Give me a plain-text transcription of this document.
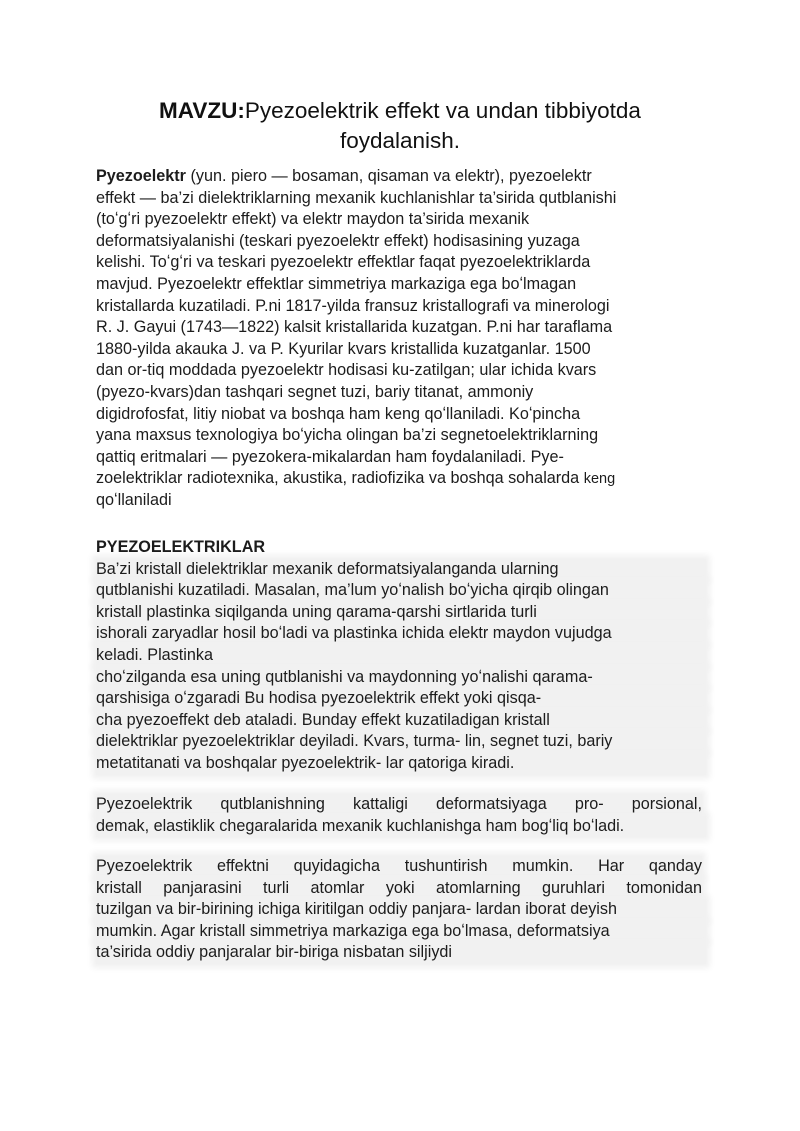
MAVZU:Pyezoelektrik effekt va undan tibbiyotda
foydalanish.
Pyezoelektr (yun. piero — bosaman, qisaman va elektr), pyezoelektr
effekt — ba’zi dielektriklarning mexanik kuchlanishlar ta’sirida qutblanishi
(toʻgʻri pyezoelektr effekt) va elektr maydon ta’sirida mexanik
deformatsiyalanishi (teskari pyezoelektr effekt) hodisasining yuzaga
kelishi. Toʻgʻri va teskari pyezoelektr effektlar faqat pyezoelektriklarda
mavjud. Pyezoelektr effektlar simmetriya markaziga ega boʻlmagan
kristallarda kuzatiladi. P.ni 1817-yilda fransuz kristallografi va minerologi
R. J. Gayui (1743—1822) kalsit kristallarida kuzatgan. P.ni har taraflama
1880-yilda akauka J. va P. Kyurilar kvars kristallida kuzatganlar. 1500
dan or-tiq moddada pyezoelektr hodisasi ku-zatilgan; ular ichida kvars
(pyezo-kvars)dan tashqari segnet tuzi, bariy titanat, ammoniy
digidrofosfat, litiy niobat va boshqa ham keng qoʻllaniladi. Koʻpincha
yana maxsus texnologiya boʻyicha olingan ba’zi segnetoelektriklarning
qattiq eritmalari — pyezokera-mikalardan ham foydalaniladi. Pye-
zoelektriklar radiotexnika, akustika, radiofizika va boshqa sohalarda keng
qoʻllaniladi
PYEZOELEKTRIKLAR
Ba’zi kristall dielektriklar mexanik deformatsiyalanganda ularning
qutblanishi kuzatiladi. Masalan, ma’lum yoʻnalish boʻyicha qirqib olingan
kristall plastinka siqilganda uning qarama-qarshi sirtlarida turli
ishorali zaryadlar hosil boʻladi va plastinka ichida elektr maydon vujudga
keladi. Plastinka
choʻzilganda esa uning qutblanishi va maydonning yoʻnalishi qarama-
qarshisiga oʻzgaradi Bu hodisa pyezoelektrik effekt yoki qisqa-
cha pyezoeffekt deb ataladi. Bunday effekt kuzatiladigan kristall
dielektriklar pyezoelektriklar deyiladi. Kvars, turma- lin, segnet tuzi, bariy
metatitanati va boshqalar pyezoelektrik- lar qatoriga kiradi.
Pyezoelektrik qutblanishning kattaligi deformatsiyaga pro- porsional,
demak, elastiklik chegaralarida mexanik kuchlanishga ham bogʻliq boʻladi.
Pyezoelektrik effektni quyidagicha tushuntirish mumkin. Har qanday
kristall panjarasini turli atomlar yoki atomlarning guruhlari tomonidan
tuzilgan va bir-birining ichiga kiritilgan oddiy panjara- lardan iborat deyish
mumkin. Agar kristall simmetriya markaziga ega boʻlmasa, deformatsiya
ta’sirida oddiy panjaralar bir-biriga nisbatan siljiydi
